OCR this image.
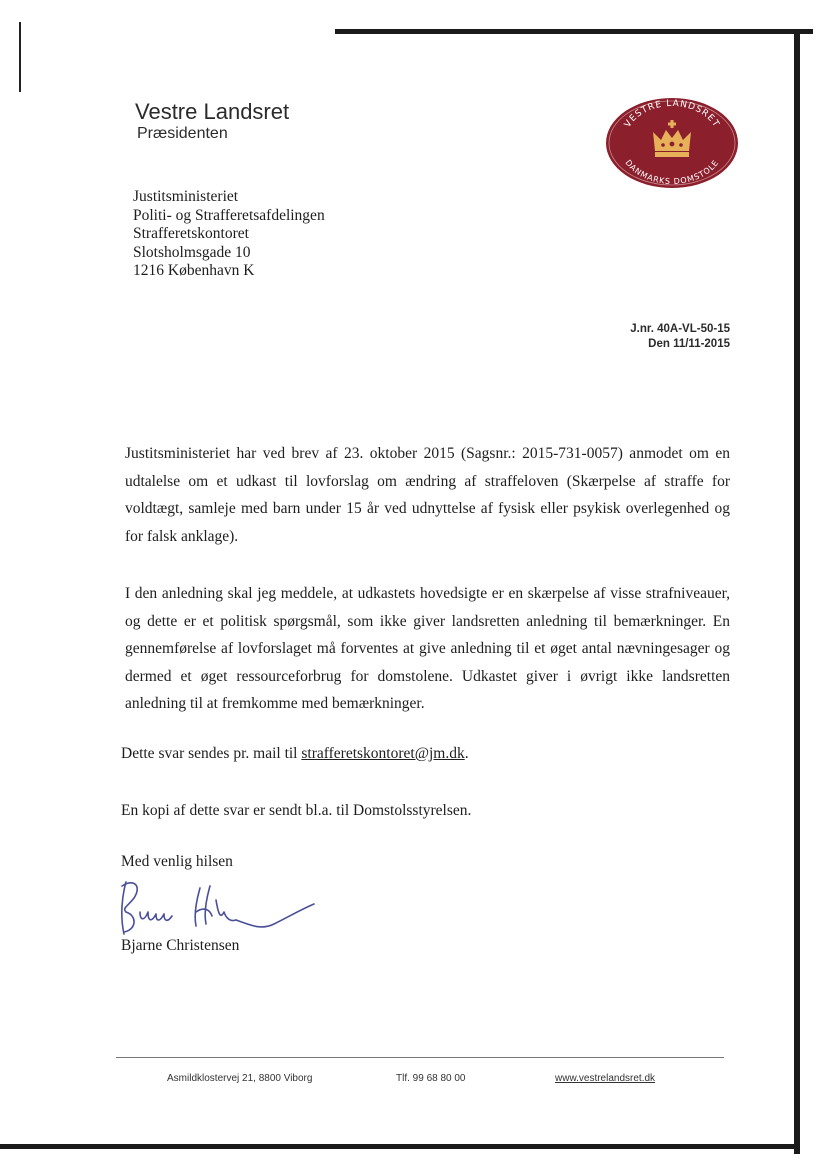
Vestre Landsret
Præsidenten
VESTRE LANDSRET
DANMARKS DOMSTOLE
Justitsministeriet
Politi- og Strafferetsafdelingen
Strafferetskontoret
Slotsholmsgade 10
1216 København K
J.nr. 40A-VL-50-15
Den 11/11-2015

Justitsministeriet har ved brev af 23. oktober 2015 (Sagsnr.: 2015-731-0057) anmodet om en udtalelse om et udkast til lovforslag om ændring af straffeloven (Skærpelse af straffe for voldtægt, samleje med barn under 15 år ved udnyttelse af fysisk eller psykisk overlegenhed og for falsk anklage).

I den anledning skal jeg meddele, at udkastets hovedsigte er en skærpelse af visse strafniveauer, og dette er et politisk spørgsmål, som ikke giver landsretten anledning til bemærkninger. En gennemførelse af lovforslaget må forventes at give anledning til et øget antal nævningesager og dermed et øget ressourceforbrug for domstolene. Udkastet giver i øvrigt ikke landsretten anledning til at fremkomme med bemærkninger.

Dette svar sendes pr. mail til strafferetskontoret@jm.dk.
En kopi af dette svar er sendt bl.a. til Domstolsstyrelsen.
Med venlig hilsen
Bjarne Christensen
Asmildklostervej 21, 8800 Viborg	Tlf. 99 68 80 00	www.vestrelandsret.dk
